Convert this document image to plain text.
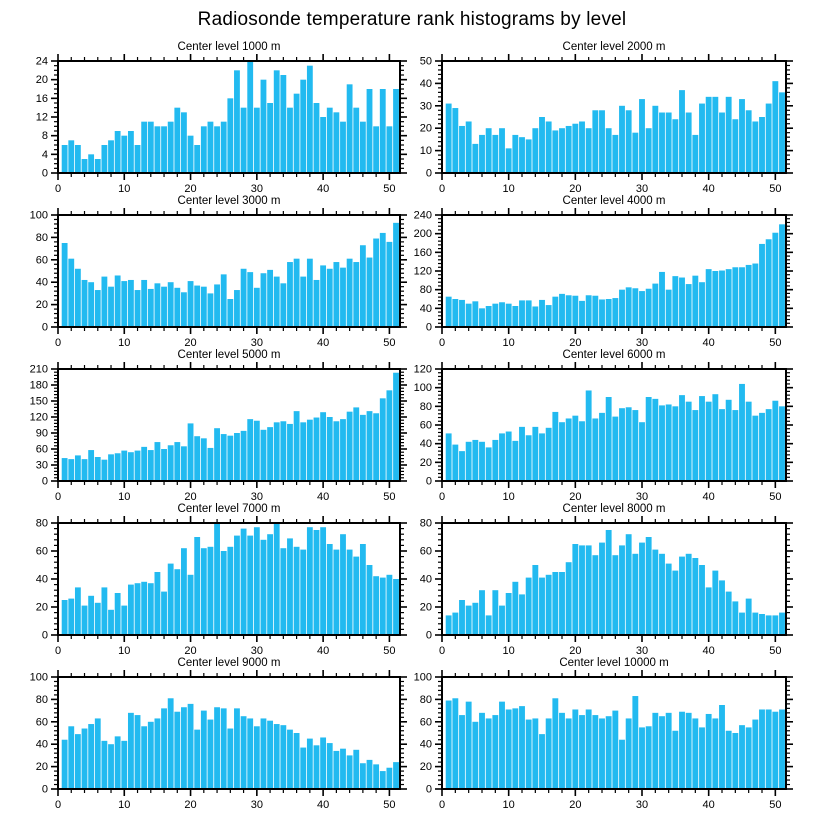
Radiosonde temperature rank histograms by level
0	10	20	30	40	50
0
4
8
12
16
20
24
Center level 1000 m
0	10	20	30	40	50
0
10
20
30
40
50
Center level 2000 m
0	10	20	30	40	50
0
20
40
60
80
100
Center level 3000 m
0	10	20	30	40	50
0
40
80
120
160
200
240
Center level 4000 m
0	10	20	30	40	50
0
30
60
90
120
150
180
210
Center level 5000 m
0	10	20	30	40	50
0
20
40
60
80
100
120
Center level 6000 m
0	10	20	30	40	50
0
20
40
60
80
Center level 7000 m
0	10	20	30	40	50
0
20
40
60
80
Center level 8000 m
0	10	20	30	40	50
0
20
40
60
80
100
Center level 9000 m
0	10	20	30	40	50
0
20
40
60
80
100
Center level 10000 m
